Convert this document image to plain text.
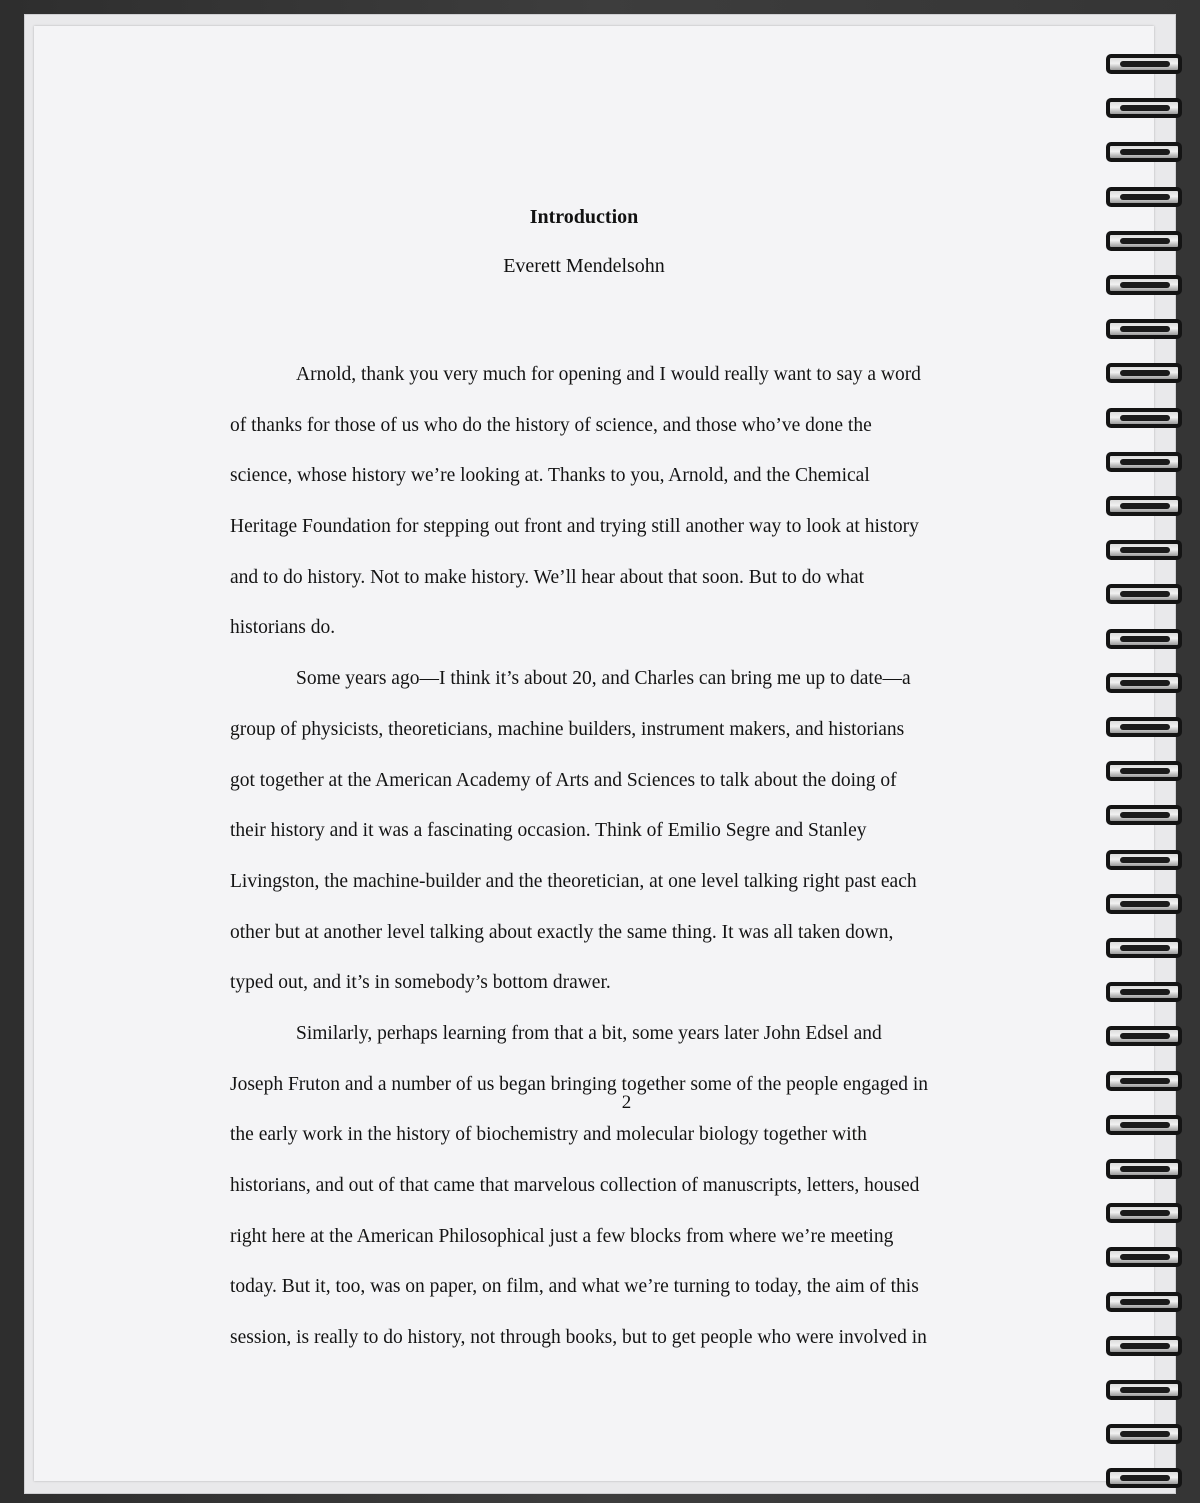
Introduction
Everett Mendelsohn
Arnold, thank you very much for opening and I would really want to say a word
of thanks for those of us who do the history of science, and those who’ve done the
science, whose history we’re looking at. Thanks to you, Arnold, and the Chemical
Heritage Foundation for stepping out front and trying still another way to look at history
and to do history. Not to make history. We’ll hear about that soon. But to do what
historians do.
Some years ago—I think it’s about 20, and Charles can bring me up to date—a
group of physicists, theoreticians, machine builders, instrument makers, and historians
got together at the American Academy of Arts and Sciences to talk about the doing of
their history and it was a fascinating occasion. Think of Emilio Segre and Stanley
Livingston, the machine-builder and the theoretician, at one level talking right past each
other but at another level talking about exactly the same thing. It was all taken down,
typed out, and it’s in somebody’s bottom drawer.
Similarly, perhaps learning from that a bit, some years later John Edsel and
Joseph Fruton and a number of us began bringing together some of the people engaged in
the early work in the history of biochemistry and molecular biology together with
historians, and out of that came that marvelous collection of manuscripts, letters, housed
right here at the American Philosophical just a few blocks from where we’re meeting
today. But it, too, was on paper, on film, and what we’re turning to today, the aim of this
session, is really to do history, not through books, but to get people who were involved in
2
